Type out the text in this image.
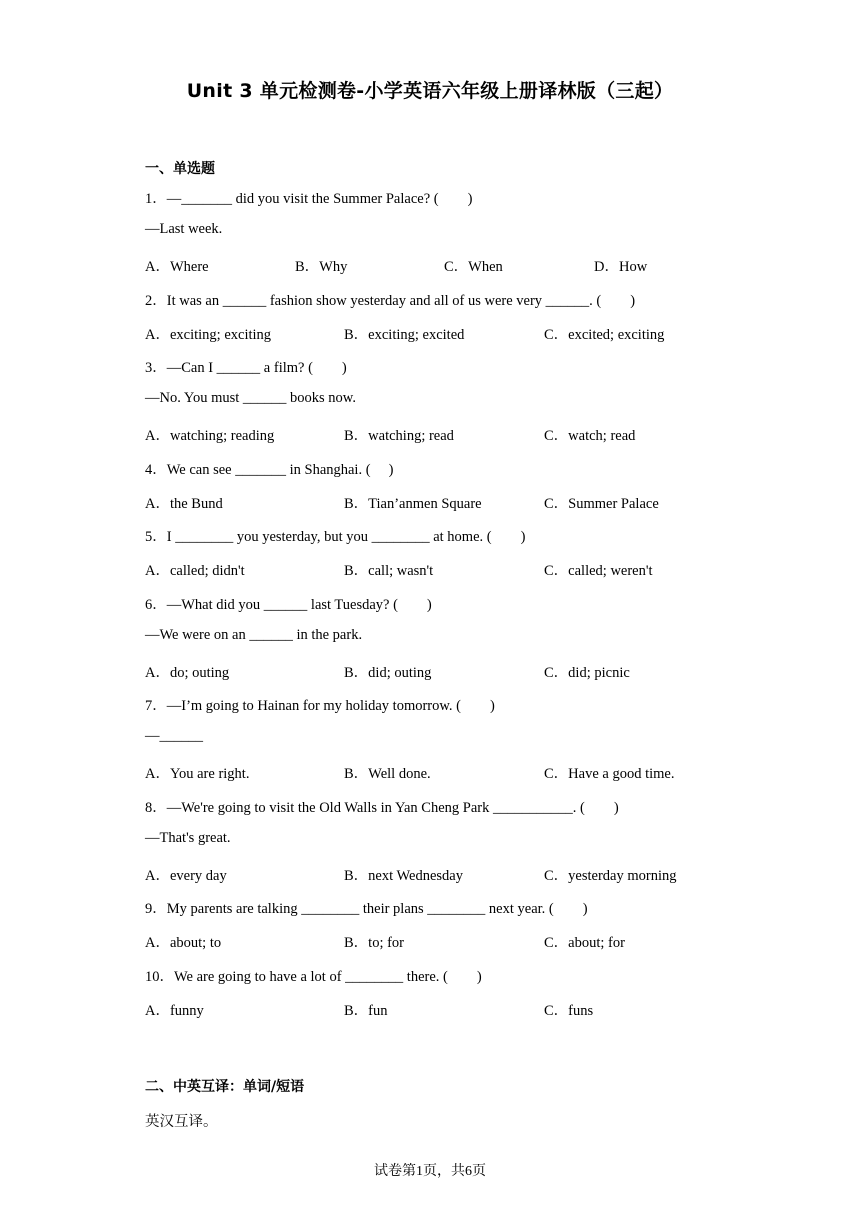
Unit 3 单元检测卷-小学英语六年级上册译林版（三起）
一、单选题
1．—_______ did you visit the Summer Palace? (　　)
—Last week.
A．Where	B．Why	C．When	D．How
2．It was an ______ fashion show yesterday and all of us were very ______. (　　)
A．exciting; exciting	B．exciting; excited	C．excited; exciting
3．—Can I ______ a film? (　　)
—No. You must ______ books now.
A．watching; reading	B．watching; read	C．watch; read
4．We can see _______ in Shanghai. (　 )
A．the Bund	B．Tian’anmen Square	C．Summer Palace
5．I ________ you yesterday, but you ________ at home. (　　)
A．called; didn't	B．call; wasn't	C．called; weren't
6．—What did you ______ last Tuesday? (　　)
—We were on an ______ in the park.
A．do; outing	B．did; outing	C．did; picnic
7．—I’m going to Hainan for my holiday tomorrow. (　　)
—______
A．You are right.	B．Well done.	C．Have a good time.
8．—We're going to visit the Old Walls in Yan Cheng Park ___________. (　　)
—That's great.
A．every day	B．next Wednesday	C．yesterday morning
9．My parents are talking ________ their plans ________ next year. (　　)
A．about; to	B．to; for	C．about; for
10．We are going to have a lot of ________ there. (　　)
A．funny	B．fun	C．funs
二、中英互译：单词/短语
英汉互译。
试卷第1页，共6页
